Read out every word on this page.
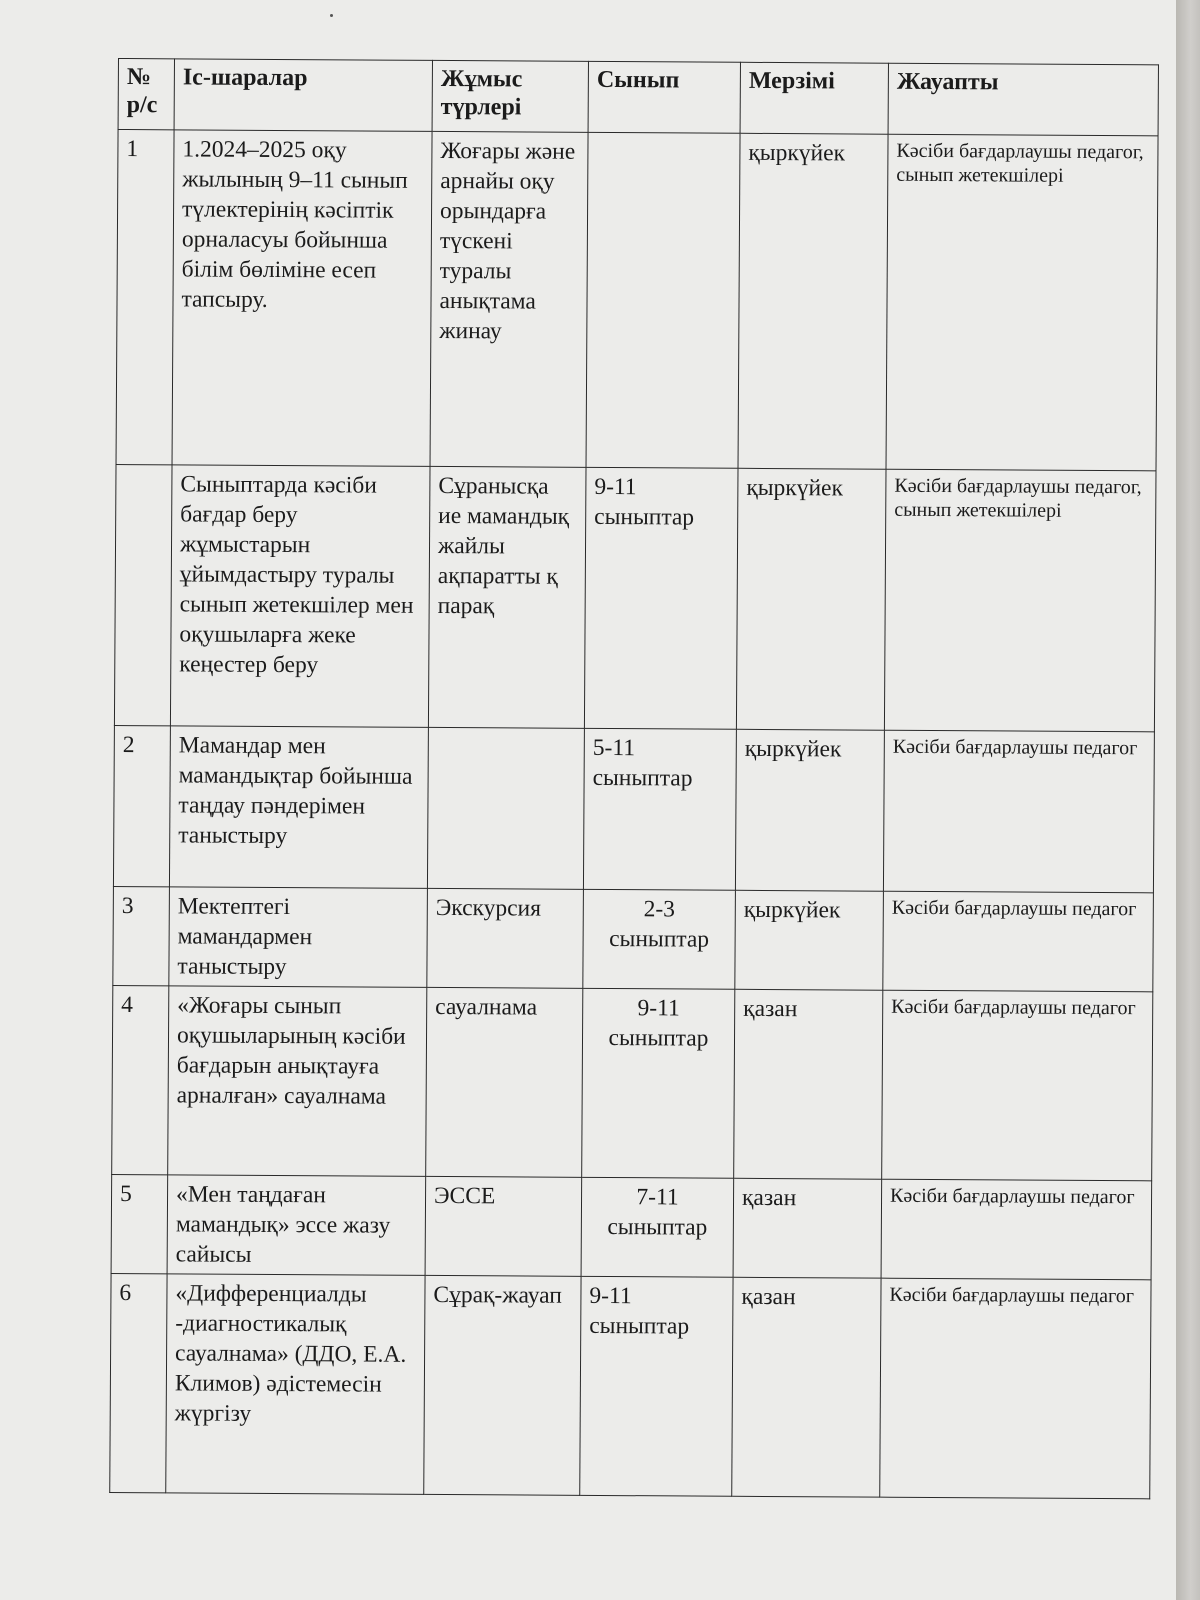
№ р/с	Іс-шаралар	Жұмыс түрлері	Сынып	Мерзімі	Жауапты
1	1.2024–2025 оқу жылының 9–11 сынып түлектерінің кәсіптік орналасуы бойынша білім бөліміне есеп тапсыру.	Жоғары және арнайы оқу орындарға түскені туралы анықтама жинау		қыркүйек	Кәсіби бағдарлаушы педагог, сынып жетекшілері
	Сыныптарда кәсіби бағдар беру жұмыстарын ұйымдастыру туралы сынып жетекшілер мен оқушыларға жеке кеңестер беру	Сұранысқа ие мамандық жайлы ақпаратты қ парақ	9-11 сыныптар	қыркүйек	Кәсіби бағдарлаушы педагог, сынып жетекшілері
2	Мамандар мен мамандықтар бойынша таңдау пәндерімен таныстыру		5-11 сыныптар	қыркүйек	Кәсіби бағдарлаушы педагог
3	Мектептегі мамандармен таныстыру	Экскурсия	2-3 сыныптар	қыркүйек	Кәсіби бағдарлаушы педагог
4	«Жоғары сынып оқушыларының кәсіби бағдарын анықтауға арналған» сауалнама	сауалнама	9-11 сыныптар	қазан	Кәсіби бағдарлаушы педагог
5	«Мен таңдаған мамандық» эссе жазу сайысы	ЭССЕ	7-11 сыныптар	қазан	Кәсіби бағдарлаушы педагог
6	«Дифференциалды -диагностикалық сауалнама» (ДДО, Е.А. Климов) әдістемесін жүргізу	Сұрақ-жауап	9-11 сыныптар	қазан	Кәсіби бағдарлаушы педагог
